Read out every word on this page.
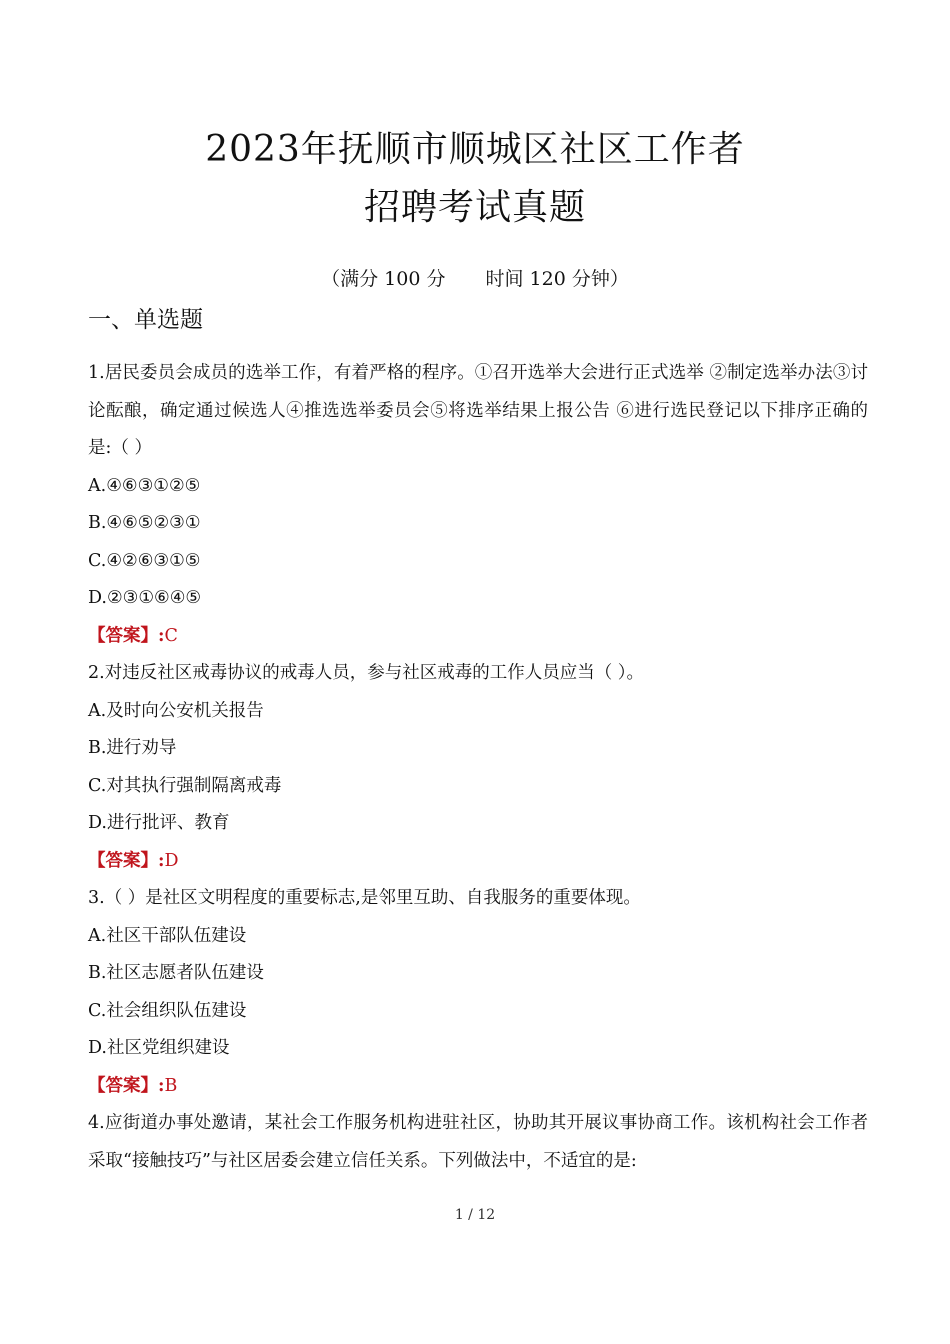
2023年抚顺市顺城区社区工作者
招聘考试真题
（满分 100 分 时间 120 分钟）
一、单选题

1.居民委员会成员的选举工作，有着严格的程序。①召开选举大会进行正式选举 ②制定选举办法③讨论酝酿，确定通过候选人④推选选举委员会⑤将选举结果上报公告 ⑥进行选民登记以下排序正确的是:（ ）

A.④⑥③①②⑤

B.④⑥⑤②③①

C.④②⑥③①⑤

D.②③①⑥④⑤

【答案】:C

2.对违反社区戒毒协议的戒毒人员，参与社区戒毒的工作人员应当（ ）。

A.及时向公安机关报告

B.进行劝导

C.对其执行强制隔离戒毒

D.进行批评、教育

【答案】:D

3.（ ）是社区文明程度的重要标志,是邻里互助、自我服务的重要体现。

A.社区干部队伍建设

B.社区志愿者队伍建设

C.社会组织队伍建设

D.社区党组织建设

【答案】:B

4.应街道办事处邀请，某社会工作服务机构进驻社区，协助其开展议事协商工作。该机构社会工作者采取“接触技巧”与社区居委会建立信任关系。下列做法中，不适宜的是:

1 / 12
